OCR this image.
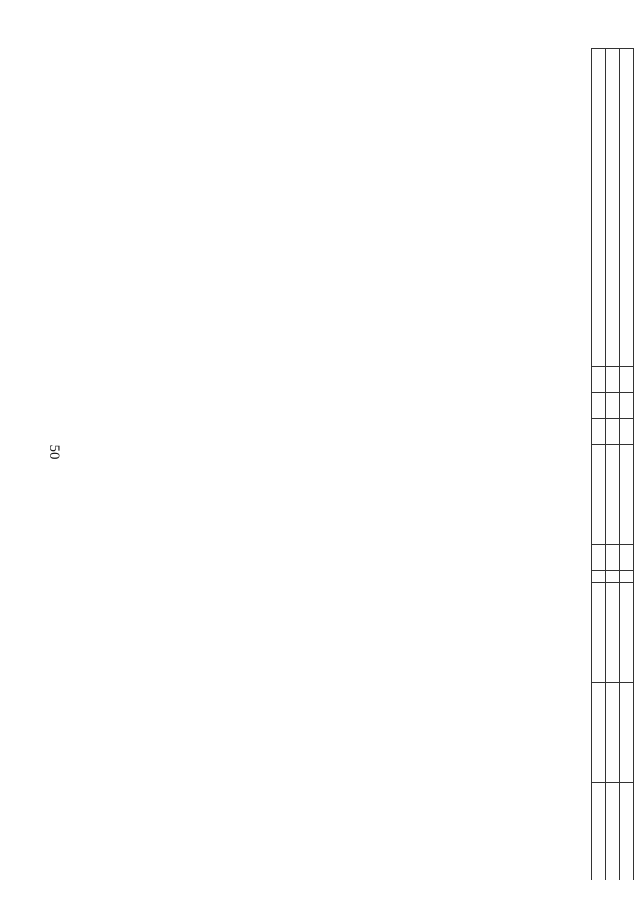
50
